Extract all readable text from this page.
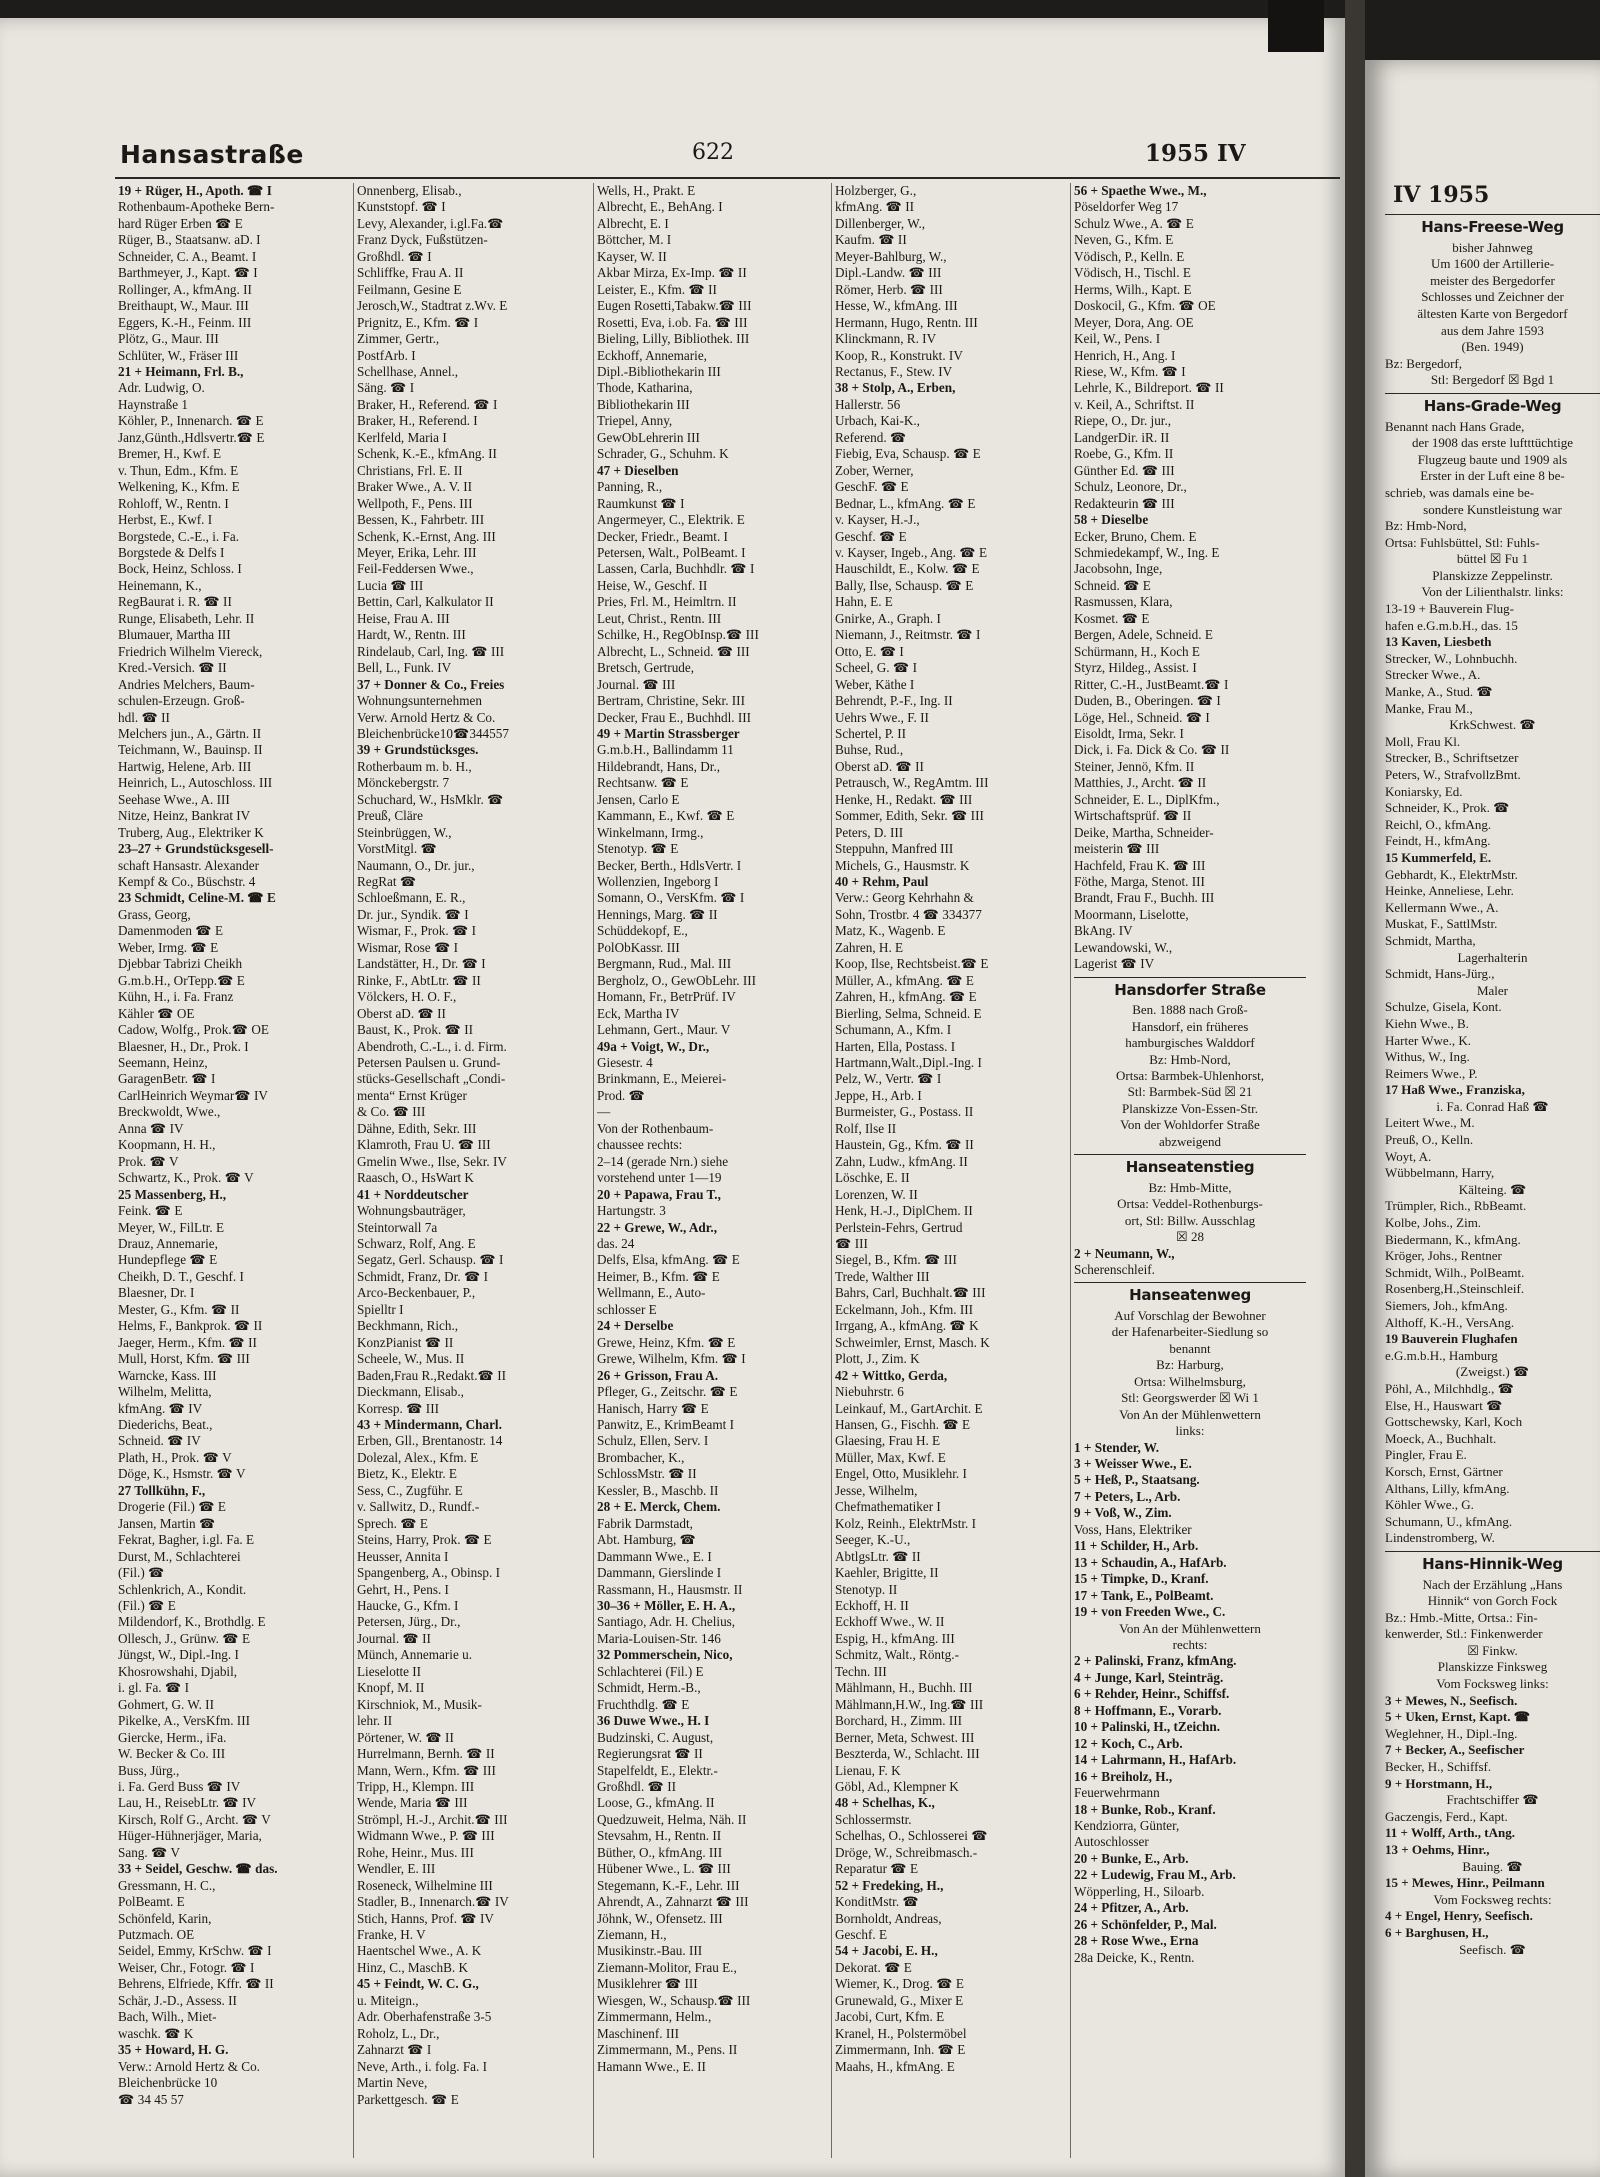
IV 1955
Hans-Freese-Weg
bisher Jahnweg
Um 1600 der Artillerie-
meister des Bergedorfer
Schlosses und Zeichner der
ältesten Karte von Bergedorf
aus dem Jahre 1593
(Ben. 1949)
Bz: Bergedorf,
Stl: Bergedorf ☒ Bgd 1
Hans-Grade-Weg
Benannt nach Hans Grade,
der 1908 das erste luftttüchtige
Flugzeug baute und 1909 als
Erster in der Luft eine 8 be-
schrieb, was damals eine be-
sondere Kunstleistung war
Bz: Hmb-Nord,
Ortsa: Fuhlsbüttel, Stl: Fuhls-
büttel ☒ Fu 1
Planskizze Zeppelinstr.
Von der Lilienthalstr. links:
13-19 + Bauverein Flug-
hafen e.G.m.b.H., das. 15
13 Kaven, Liesbeth
Strecker, W., Lohnbuchh.
Strecker Wwe., A.
Manke, A., Stud. ☎
Manke, Frau M.,
KrkSchwest. ☎
Moll, Frau Kl.
Strecker, B., Schriftsetzer
Peters, W., StrafvollzBmt.
Koniarsky, Ed.
Schneider, K., Prok. ☎
Reichl, O., kfmAng.
Feindt, H., kfmAng.
15 Kummerfeld, E.
Gebhardt, K., ElektrMstr.
Heinke, Anneliese, Lehr.
Kellermann Wwe., A.
Muskat, F., SattlMstr.
Schmidt, Martha,
Lagerhalterin
Schmidt, Hans-Jürg.,
Maler
Schulze, Gisela, Kont.
Kiehn Wwe., B.
Harter Wwe., K.
Withus, W., Ing.
Reimers Wwe., P.
17 Haß Wwe., Franziska,
i. Fa. Conrad Haß ☎
Leitert Wwe., M.
Preuß, O., Kelln.
Woyt, A.
Wübbelmann, Harry,
Kälteing. ☎
Trümpler, Rich., RbBeamt.
Kolbe, Johs., Zim.
Biedermann, K., kfmAng.
Kröger, Johs., Rentner
Schmidt, Wilh., PolBeamt.
Rosenberg,H.,Steinschleif.
Siemers, Joh., kfmAng.
Althoff, K.-H., VersAng.
19 Bauverein Flughafen
e.G.m.b.H., Hamburg
(Zweigst.) ☎
Pöhl, A., Milchhdlg., ☎
Else, H., Hauswart ☎
Gottschewsky, Karl, Koch
Moeck, A., Buchhalt.
Pingler, Frau E.
Korsch, Ernst, Gärtner
Althans, Lilly, kfmAng.
Köhler Wwe., G.
Schumann, U., kfmAng.
Lindenstromberg, W.
Hans-Hinnik-Weg
Nach der Erzählung „Hans
Hinnik“ von Gorch Fock
Bz.: Hmb.-Mitte, Ortsa.: Fin-
kenwerder, Stl.: Finkenwerder
☒ Finkw.
Planskizze Finksweg
Vom Focksweg links:
3 + Mewes, N., Seefisch.
5 + Uken, Ernst, Kapt. ☎
Weglehner, H., Dipl.-Ing.
7 + Becker, A., Seefischer
Becker, H., Schiffsf.
9 + Horstmann, H.,
Frachtschiffer ☎
Gaczengis, Ferd., Kapt.
11 + Wolff, Arth., tAng.
13 + Oehms, Hinr.,
Bauing. ☎
15 + Mewes, Hinr., Peilmann
Vom Focksweg rechts:
4 + Engel, Henry, Seefisch.
6 + Barghusen, H.,
Seefisch. ☎
Hansastraße	622	1955 IV
19 + Rüger, H., Apoth. ☎ I
Rothenbaum-Apotheke Bern-
hard Rüger Erben ☎ E
Rüger, B., Staatsanw. aD. I
Schneider, C. A., Beamt. I
Barthmeyer, J., Kapt. ☎ I
Rollinger, A., kfmAng. II
Breithaupt, W., Maur. III
Eggers, K.-H., Feinm. III
Plötz, G., Maur. III
Schlüter, W., Fräser III
21 + Heimann, Frl. B.,
Adr. Ludwig, O.
Haynstraße 1
Köhler, P., Innenarch. ☎ E
Janz,Günth.,Hdlsvertr.☎ E
Bremer, H., Kwf. E
v. Thun, Edm., Kfm. E
Welkening, K., Kfm. E
Rohloff, W., Rentn. I
Herbst, E., Kwf. I
Borgstede, C.-E., i. Fa.
Borgstede & Delfs I
Bock, Heinz, Schloss. I
Heinemann, K.,
RegBaurat i. R. ☎ II
Runge, Elisabeth, Lehr. II
Blumauer, Martha III
Friedrich Wilhelm Viereck,
Kred.-Versich. ☎ II
Andries Melchers, Baum-
schulen-Erzeugn. Groß-
hdl. ☎ II
Melchers jun., A., Gärtn. II
Teichmann, W., Bauinsp. II
Hartwig, Helene, Arb. III
Heinrich, L., Autoschloss. III
Seehase Wwe., A. III
Nitze, Heinz, Bankrat IV
Truberg, Aug., Elektriker K
23–27 + Grundstücksgesell-
schaft Hansastr. Alexander
Kempf & Co., Büschstr. 4
23 Schmidt, Celine-M. ☎ E
Grass, Georg,
Damenmoden ☎ E
Weber, Irmg. ☎ E
Djebbar Tabrizi Cheikh
G.m.b.H., OrTepp.☎ E
Kühn, H., i. Fa. Franz
Kähler ☎ OE
Cadow, Wolfg., Prok.☎ OE
Blaesner, H., Dr., Prok. I
Seemann, Heinz,
GaragenBetr. ☎ I
CarlHeinrich Weymar☎ IV
Breckwoldt, Wwe.,
Anna ☎ IV
Koopmann, H. H.,
Prok. ☎ V
Schwartz, K., Prok. ☎ V
25 Massenberg, H.,
Feink. ☎ E
Meyer, W., FilLtr. E
Drauz, Annemarie,
Hundepflege ☎ E
Cheikh, D. T., Geschf. I
Blaesner, Dr. I
Mester, G., Kfm. ☎ II
Helms, F., Bankprok. ☎ II
Jaeger, Herm., Kfm. ☎ II
Mull, Horst, Kfm. ☎ III
Warncke, Kass. III
Wilhelm, Melitta,
kfmAng. ☎ IV
Diederichs, Beat.,
Schneid. ☎ IV
Plath, H., Prok. ☎ V
Döge, K., Hsmstr. ☎ V
27 Tollkühn, F.,
Drogerie (Fil.) ☎ E
Jansen, Martin ☎
Fekrat, Bagher, i.gl. Fa. E
Durst, M., Schlachterei
(Fil.) ☎
Schlenkrich, A., Kondit.
(Fil.) ☎ E
Mildendorf, K., Brothdlg. E
Ollesch, J., Grünw. ☎ E
Jüngst, W., Dipl.-Ing. I
Khosrowshahi, Djabil,
i. gl. Fa. ☎ I
Gohmert, G. W. II
Pikelke, A., VersKfm. III
Giercke, Herm., iFa.
W. Becker & Co. III
Buss, Jürg.,
i. Fa. Gerd Buss ☎ IV
Lau, H., ReisebLtr. ☎ IV
Kirsch, Rolf G., Archt. ☎ V
Hüger-Hühnerjäger, Maria,
Sang. ☎ V
33 + Seidel, Geschw. ☎ das.
Gressmann, H. C.,
PolBeamt. E
Schönfeld, Karin,
Putzmach. OE
Seidel, Emmy, KrSchw. ☎ I
Weiser, Chr., Fotogr. ☎ I
Behrens, Elfriede, Kffr. ☎ II
Schär, J.-D., Assess. II
Bach, Wilh., Miet-
waschk. ☎ K
35 + Howard, H. G.
Verw.: Arnold Hertz & Co.
Bleichenbrücke 10
☎ 34 45 57
Onnenberg, Elisab.,
Kunststopf. ☎ I
Levy, Alexander, i.gl.Fa.☎
Franz Dyck, Fußstützen-
Großhdl. ☎ I
Schliffke, Frau A. II
Feilmann, Gesine E
Jerosch,W., Stadtrat z.Wv. E
Prignitz, E., Kfm. ☎ I
Zimmer, Gertr.,
PostfArb. I
Schellhase, Annel.,
Säng. ☎ I
Braker, H., Referend. ☎ I
Braker, H., Referend. I
Kerlfeld, Maria I
Schenk, K.-E., kfmAng. II
Christians, Frl. E. II
Braker Wwe., A. V. II
Wellpoth, F., Pens. III
Bessen, K., Fahrbetr. III
Schenk, K.-Ernst, Ang. III
Meyer, Erika, Lehr. III
Feil-Feddersen Wwe.,
Lucia ☎ III
Bettin, Carl, Kalkulator II
Heise, Frau A. III
Hardt, W., Rentn. III
Rindelaub, Carl, Ing. ☎ III
Bell, L., Funk. IV
37 + Donner & Co., Freies
Wohnungsunternehmen
Verw. Arnold Hertz & Co.
Bleichenbrücke10☎344557
39 + Grundstücksges.
Rotherbaum m. b. H.,
Mönckebergstr. 7
Schuchard, W., HsMklr. ☎
Preuß, Cläre
Steinbrüggen, W.,
VorstMitgl. ☎
Naumann, O., Dr. jur.,
RegRat ☎
Schloeßmann, E. R.,
Dr. jur., Syndik. ☎ I
Wismar, F., Prok. ☎ I
Wismar, Rose ☎ I
Landstätter, H., Dr. ☎ I
Rinke, F., AbtLtr. ☎ II
Völckers, H. O. F.,
Oberst aD. ☎ II
Baust, K., Prok. ☎ II
Abendroth, C.-L., i. d. Firm.
Petersen Paulsen u. Grund-
stücks-Gesellschaft „Condi-
menta“ Ernst Krüger
& Co. ☎ III
Dähne, Edith, Sekr. III
Klamroth, Frau U. ☎ III
Gmelin Wwe., Ilse, Sekr. IV
Raasch, O., HsWart K
41 + Norddeutscher
Wohnungsbauträger,
Steintorwall 7a
Schwarz, Rolf, Ang. E
Segatz, Gerl. Schausp. ☎ I
Schmidt, Franz, Dr. ☎ I
Arco-Beckenbauer, P.,
Spielltr I
Beckhmann, Rich.,
KonzPianist ☎ II
Scheele, W., Mus. II
Baden,Frau R.,Redakt.☎ II
Dieckmann, Elisab.,
Korresp. ☎ III
43 + Mindermann, Charl.
Erben, Gll., Brentanostr. 14
Dolezal, Alex., Kfm. E
Bietz, K., Elektr. E
Sess, C., Zugführ. E
v. Sallwitz, D., Rundf.-
Sprech. ☎ E
Steins, Harry, Prok. ☎ E
Heusser, Annita I
Spangenberg, A., Obinsp. I
Gehrt, H., Pens. I
Haucke, G., Kfm. I
Petersen, Jürg., Dr.,
Journal. ☎ II
Münch, Annemarie u.
Lieselotte II
Knopf, M. II
Kirschniok, M., Musik-
lehr. II
Pörtener, W. ☎ II
Hurrelmann, Bernh. ☎ II
Mann, Wern., Kfm. ☎ III
Tripp, H., Klempn. III
Wende, Maria ☎ III
Strömpl, H.-J., Archit.☎ III
Widmann Wwe., P. ☎ III
Rohe, Heinr., Mus. III
Wendler, E. III
Roseneck, Wilhelmine III
Stadler, B., Innenarch.☎ IV
Stich, Hanns, Prof. ☎ IV
Franke, H. V
Haentschel Wwe., A. K
Hinz, C., MaschB. K
45 + Feindt, W. C. G.,
u. Miteign.,
Adr. Oberhafenstraße 3-5
Roholz, L., Dr.,
Zahnarzt ☎ I
Neve, Arth., i. folg. Fa. I
Martin Neve,
Parkettgesch. ☎ E
Wells, H., Prakt. E
Albrecht, E., BehAng. I
Albrecht, E. I
Böttcher, M. I
Kayser, W. II
Akbar Mirza, Ex-Imp. ☎ II
Leister, E., Kfm. ☎ II
Eugen Rosetti,Tabakw.☎ III
Rosetti, Eva, i.ob. Fa. ☎ III
Bieling, Lilly, Bibliothek. III
Eckhoff, Annemarie,
Dipl.-Bibliothekarin III
Thode, Katharina,
Bibliothekarin III
Triepel, Anny,
GewObLehrerin III
Schrader, G., Schuhm. K
47 + Dieselben
Panning, R.,
Raumkunst ☎ I
Angermeyer, C., Elektrik. E
Decker, Friedr., Beamt. I
Petersen, Walt., PolBeamt. I
Lassen, Carla, Buchhdlr. ☎ I
Heise, W., Geschf. II
Pries, Frl. M., Heimltrn. II
Leut, Christ., Rentn. III
Schilke, H., RegObInsp.☎ III
Albrecht, L., Schneid. ☎ III
Bretsch, Gertrude,
Journal. ☎ III
Bertram, Christine, Sekr. III
Decker, Frau E., Buchhdl. III
49 + Martin Strassberger
G.m.b.H., Ballindamm 11
Hildebrandt, Hans, Dr.,
Rechtsanw. ☎ E
Jensen, Carlo E
Kammann, E., Kwf. ☎ E
Winkelmann, Irmg.,
Stenotyp. ☎ E
Becker, Berth., HdlsVertr. I
Wollenzien, Ingeborg I
Somann, O., VersKfm. ☎ I
Hennings, Marg. ☎ II
Schüddekopf, E.,
PolObKassr. III
Bergmann, Rud., Mal. III
Bergholz, O., GewObLehr. III
Homann, Fr., BetrPrüf. IV
Eck, Martha IV
Lehmann, Gert., Maur. V
49a + Voigt, W., Dr.,
Giesestr. 4
Brinkmann, E., Meierei-
Prod. ☎
—
Von der Rothenbaum-
chaussee rechts:
2–14 (gerade Nrn.) siehe
vorstehend unter 1—19
20 + Papawa, Frau T.,
Hartungstr. 3
22 + Grewe, W., Adr.,
das. 24
Delfs, Elsa, kfmAng. ☎ E
Heimer, B., Kfm. ☎ E
Wellmann, E., Auto-
schlosser E
24 + Derselbe
Grewe, Heinz, Kfm. ☎ E
Grewe, Wilhelm, Kfm. ☎ I
26 + Grisson, Frau A.
Pfleger, G., Zeitschr. ☎ E
Hanisch, Harry ☎ E
Panwitz, E., KrimBeamt I
Schulz, Ellen, Serv. I
Brombacher, K.,
SchlossMstr. ☎ II
Kessler, B., Maschb. II
28 + E. Merck, Chem.
Fabrik Darmstadt,
Abt. Hamburg, ☎
Dammann Wwe., E. I
Dammann, Gierslinde I
Rassmann, H., Hausmstr. II
30–36 + Möller, E. H. A.,
Santiago, Adr. H. Chelius,
Maria-Louisen-Str. 146
32 Pommerschein, Nico,
Schlachterei (Fil.) E
Schmidt, Herm.-B.,
Fruchthdlg. ☎ E
36 Duwe Wwe., H. I
Budzinski, C. August,
Regierungsrat ☎ II
Stapelfeldt, E., Elektr.-
Großhdl. ☎ II
Loose, G., kfmAng. II
Quedzuweit, Helma, Näh. II
Stevsahm, H., Rentn. II
Büther, O., kfmAng. III
Hübener Wwe., L. ☎ III
Stegemann, K.-F., Lehr. III
Ahrendt, A., Zahnarzt ☎ III
Jöhnk, W., Ofensetz. III
Ziemann, H.,
Musikinstr.-Bau. III
Ziemann-Molitor, Frau E.,
Musiklehrer ☎ III
Wiesgen, W., Schausp.☎ III
Zimmermann, Helm.,
Maschinenf. III
Zimmermann, M., Pens. II
Hamann Wwe., E. II
Holzberger, G.,
kfmAng. ☎ II
Dillenberger, W.,
Kaufm. ☎ II
Meyer-Bahlburg, W.,
Dipl.-Landw. ☎ III
Römer, Herb. ☎ III
Hesse, W., kfmAng. III
Hermann, Hugo, Rentn. III
Klinckmann, R. IV
Koop, R., Konstrukt. IV
Rectanus, F., Stew. IV
38 + Stolp, A., Erben,
Hallerstr. 56
Urbach, Kai-K.,
Referend. ☎
Fiebig, Eva, Schausp. ☎ E
Zober, Werner,
GeschF. ☎ E
Bednar, L., kfmAng. ☎ E
v. Kayser, H.-J.,
Geschf. ☎ E
v. Kayser, Ingeb., Ang. ☎ E
Hauschildt, E., Kolw. ☎ E
Bally, Ilse, Schausp. ☎ E
Hahn, E. E
Gnirke, A., Graph. I
Niemann, J., Reitmstr. ☎ I
Otto, E. ☎ I
Scheel, G. ☎ I
Weber, Käthe I
Behrendt, P.-F., Ing. II
Uehrs Wwe., F. II
Schertel, P. II
Buhse, Rud.,
Oberst aD. ☎ II
Petrausch, W., RegAmtm. III
Henke, H., Redakt. ☎ III
Sommer, Edith, Sekr. ☎ III
Peters, D. III
Steppuhn, Manfred III
Michels, G., Hausmstr. K
40 + Rehm, Paul
Verw.: Georg Kehrhahn &
Sohn, Trostbr. 4 ☎ 334377
Matz, K., Wagenb. E
Zahren, H. E
Koop, Ilse, Rechtsbeist.☎ E
Müller, A., kfmAng. ☎ E
Zahren, H., kfmAng. ☎ E
Bierling, Selma, Schneid. E
Schumann, A., Kfm. I
Harten, Ella, Postass. I
Hartmann,Walt.,Dipl.-Ing. I
Pelz, W., Vertr. ☎ I
Jeppe, H., Arb. I
Burmeister, G., Postass. II
Rolf, Ilse II
Haustein, Gg., Kfm. ☎ II
Zahn, Ludw., kfmAng. II
Löschke, E. II
Lorenzen, W. II
Henk, H.-J., DiplChem. II
Perlstein-Fehrs, Gertrud
☎ III
Siegel, B., Kfm. ☎ III
Trede, Walther III
Bahrs, Carl, Buchhalt.☎ III
Eckelmann, Joh., Kfm. III
Irrgang, A., kfmAng. ☎ K
Schweimler, Ernst, Masch. K
Plott, J., Zim. K
42 + Wittko, Gerda,
Niebuhrstr. 6
Leinkauf, M., GartArchit. E
Hansen, G., Fischh. ☎ E
Glaesing, Frau H. E
Müller, Max, Kwf. E
Engel, Otto, Musiklehr. I
Jesse, Wilhelm,
Chefmathematiker I
Kolz, Reinh., ElektrMstr. I
Seeger, K.-U.,
AbtlgsLtr. ☎ II
Kaehler, Brigitte, II
Stenotyp. II
Eckhoff, H. II
Eckhoff Wwe., W. II
Espig, H., kfmAng. III
Schmitz, Walt., Röntg.-
Techn. III
Mählmann, H., Buchh. III
Mählmann,H.W., Ing.☎ III
Borchard, H., Zimm. III
Berner, Meta, Schwest. III
Beszterda, W., Schlacht. III
Lienau, F. K
Göbl, Ad., Klempner K
48 + Schelhas, K.,
Schlossermstr.
Schelhas, O., Schlosserei ☎
Dröge, W., Schreibmasch.-
Reparatur ☎ E
52 + Fredeking, H.,
KonditMstr. ☎
Bornholdt, Andreas,
Geschf. E
54 + Jacobi, E. H.,
Dekorat. ☎ E
Wiemer, K., Drog. ☎ E
Grunewald, G., Mixer E
Jacobi, Curt, Kfm. E
Kranel, H., Polstermöbel
Zimmermann, Inh. ☎ E
Maahs, H., kfmAng. E
56 + Spaethe Wwe., M.,
Pöseldorfer Weg 17
Schulz Wwe., A. ☎ E
Neven, G., Kfm. E
Vödisch, P., Kelln. E
Vödisch, H., Tischl. E
Herms, Wilh., Kapt. E
Doskocil, G., Kfm. ☎ OE
Meyer, Dora, Ang. OE
Keil, W., Pens. I
Henrich, H., Ang. I
Riese, W., Kfm. ☎ I
Lehrle, K., Bildreport. ☎ II
v. Keil, A., Schriftst. II
Riepe, O., Dr. jur.,
LandgerDir. iR. II
Roebe, G., Kfm. II
Günther Ed. ☎ III
Schulz, Leonore, Dr.,
Redakteurin ☎ III
58 + Dieselbe
Ecker, Bruno, Chem. E
Schmiedekampf, W., Ing. E
Jacobsohn, Inge,
Schneid. ☎ E
Rasmussen, Klara,
Kosmet. ☎ E
Bergen, Adele, Schneid. E
Schürmann, H., Koch E
Styrz, Hildeg., Assist. I
Ritter, C.-H., JustBeamt.☎ I
Duden, B., Oberingen. ☎ I
Löge, Hel., Schneid. ☎ I
Eisoldt, Irma, Sekr. I
Dick, i. Fa. Dick & Co. ☎ II
Steiner, Jennö, Kfm. II
Matthies, J., Archt. ☎ II
Schneider, E. L., DiplKfm.,
Wirtschaftsprüf. ☎ II
Deike, Martha, Schneider-
meisterin ☎ III
Hachfeld, Frau K. ☎ III
Föthe, Marga, Stenot. III
Brandt, Frau F., Buchh. III
Moormann, Liselotte,
BkAng. IV
Lewandowski, W.,
Lagerist ☎ IV
Hansdorfer Straße
Ben. 1888 nach Groß-
Hansdorf, ein früheres
hamburgisches Walddorf
Bz: Hmb-Nord,
Ortsa: Barmbek-Uhlenhorst,
Stl: Barmbek-Süd ☒ 21
Planskizze Von-Essen-Str.
Von der Wohldorfer Straße
abzweigend
Hanseatenstieg
Bz: Hmb-Mitte,
Ortsa: Veddel-Rothenburgs-
ort, Stl: Billw. Ausschlag
☒ 28
2 + Neumann, W.,
Scherenschleif.
Hanseatenweg
Auf Vorschlag der Bewohner
der Hafenarbeiter-Siedlung so
benannt
Bz: Harburg,
Ortsa: Wilhelmsburg,
Stl: Georgswerder ☒ Wi 1
Von An der Mühlenwettern
links:
1 + Stender, W.
3 + Weisser Wwe., E.
5 + Heß, P., Staatsang.
7 + Peters, L., Arb.
9 + Voß, W., Zim.
Voss, Hans, Elektriker
11 + Schilder, H., Arb.
13 + Schaudin, A., HafArb.
15 + Timpke, D., Kranf.
17 + Tank, E., PolBeamt.
19 + von Freeden Wwe., C.
Von An der Mühlenwettern
rechts:
2 + Palinski, Franz, kfmAng.
4 + Junge, Karl, Steinträg.
6 + Rehder, Heinr., Schiffsf.
8 + Hoffmann, E., Vorarb.
10 + Palinski, H., tZeichn.
12 + Koch, C., Arb.
14 + Lahrmann, H., HafArb.
16 + Breiholz, H.,
Feuerwehrmann
18 + Bunke, Rob., Kranf.
Kendziorra, Günter,
Autoschlosser
20 + Bunke, E., Arb.
22 + Ludewig, Frau M., Arb.
Wöpperling, H., Siloarb.
24 + Pfitzer, A., Arb.
26 + Schönfelder, P., Mal.
28 + Rose Wwe., Erna
28a Deicke, K., Rentn.
